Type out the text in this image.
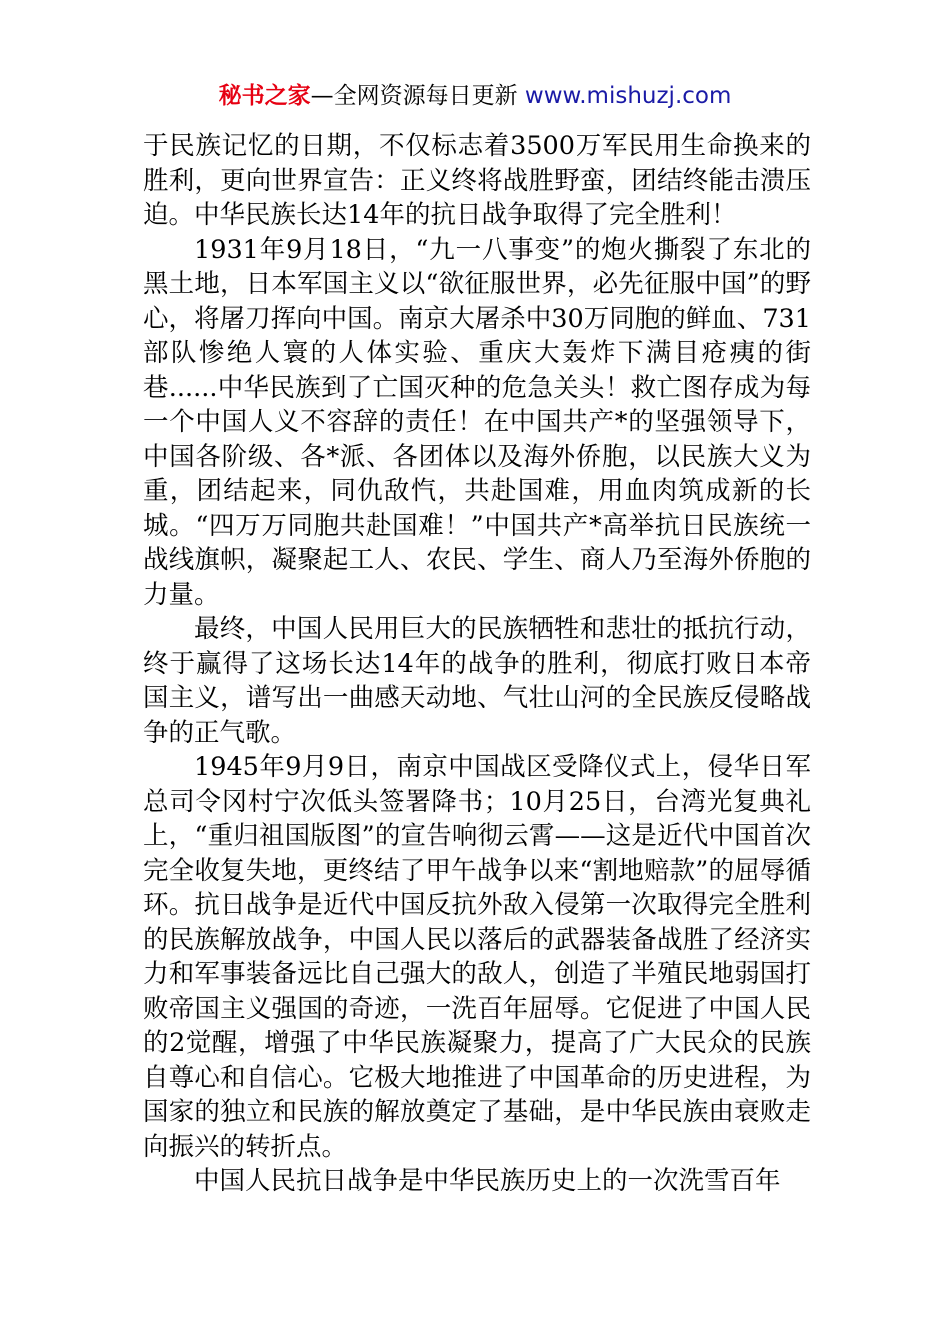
秘书之家—全网资源每日更新 www.mishuzj.com

于民族记忆的日期，不仅标志着3500万军民用生命换来的胜利，更向世界宣告：正义终将战胜野蛮，团结终能击溃压迫。中华民族长达14年的抗日战争取得了完全胜利！

1931年9月18日，“九一八事变”的炮火撕裂了东北的黑土地，日本军国主义以“欲征服世界，必先征服中国”的野心，将屠刀挥向中国。南京大屠杀中30万同胞的鲜血、731部队惨绝人寰的人体实验、重庆大轰炸下满目疮痍的街巷......中华民族到了亡国灭种的危急关头！救亡图存成为每一个中国人义不容辞的责任！在中国共产*的坚强领导下，中国各阶级、各*派、各团体以及海外侨胞，以民族大义为重，团结起来，同仇敌忾，共赴国难，用血肉筑成新的长城。“四万万同胞共赴国难！”中国共产*高举抗日民族统一战线旗帜，凝聚起工人、农民、学生、商人乃至海外侨胞的力量。

最终，中国人民用巨大的民族牺牲和悲壮的抵抗行动，终于赢得了这场长达14年的战争的胜利，彻底打败日本帝国主义，谱写出一曲感天动地、气壮山河的全民族反侵略战争的正气歌。

1945年9月9日，南京中国战区受降仪式上，侵华日军总司令冈村宁次低头签署降书；10月25日，台湾光复典礼上，“重归祖国版图”的宣告响彻云霄——这是近代中国首次完全收复失地，更终结了甲午战争以来“割地赔款”的屈辱循环。抗日战争是近代中国反抗外敌入侵第一次取得完全胜利的民族解放战争，中国人民以落后的武器装备战胜了经济实力和军事装备远比自己强大的敌人，创造了半殖民地弱国打败帝国主义强国的奇迹，一洗百年屈辱。它促进了中国人民的2觉醒，增强了中华民族凝聚力，提高了广大民众的民族自尊心和自信心。它极大地推进了中国革命的历史进程，为国家的独立和民族的解放奠定了基础，是中华民族由衰败走向振兴的转折点。

中国人民抗日战争是中华民族历史上的一次洗雪百年
